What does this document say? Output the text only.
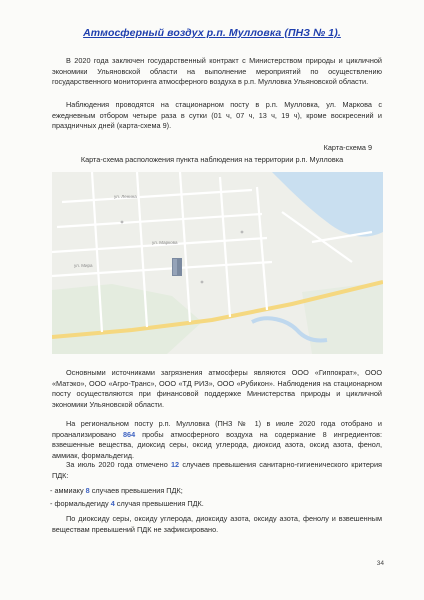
Атмосферный воздух р.п. Мулловка (ПНЗ № 1).

В 2020 года заключен государственный контракт с Министерством природы и цикличной экономики Ульяновской области на выполнение мероприятий по осуществлению государственного мониторинга атмосферного воздуха в р.п. Мулловка Ульяновской области.

Наблюдения проводятся на стационарном посту в р.п. Мулловка, ул. Маркова с ежедневным отбором четыре раза в сутки (01 ч, 07 ч, 13 ч, 19 ч), кроме воскресений и праздничных дней (карта-схема 9).

Карта-схема 9
Карта-схема расположения пункта наблюдения на территории р.п. Мулловка
ул. Ленина
ул. Маркова
ул. Мира

Основными источниками загрязнения атмосферы являются ООО «Гиппократ», ООО «Матэко», ООО «Агро-Транс», ООО «ТД РИЗ», ООО «Рубикон». Наблюдения на стационарном посту осуществляются при финансовой поддержке Министерства природы и цикличной экономики Ульяновской области.

На региональном посту р.п. Мулловка (ПНЗ № 1) в июле 2020 года отобрано и проанализировано 864 пробы атмосферного воздуха на содержание 8 ингредиентов: взвешенные вещества, диоксид серы, оксид углерода, диоксид азота, оксид азота, фенол, аммиак, формальдегид.

За июль 2020 года отмечено 12 случаев превышения санитарно-гигиенического критерия ПДК:

- аммиаку 8 случаев превышения ПДК;
- формальдегиду 4 случая превышения ПДК.

По диоксиду серы, оксиду углерода, диоксиду азота, оксиду азота, фенолу и взвешенным веществам превышений ПДК не зафиксировано.

34
